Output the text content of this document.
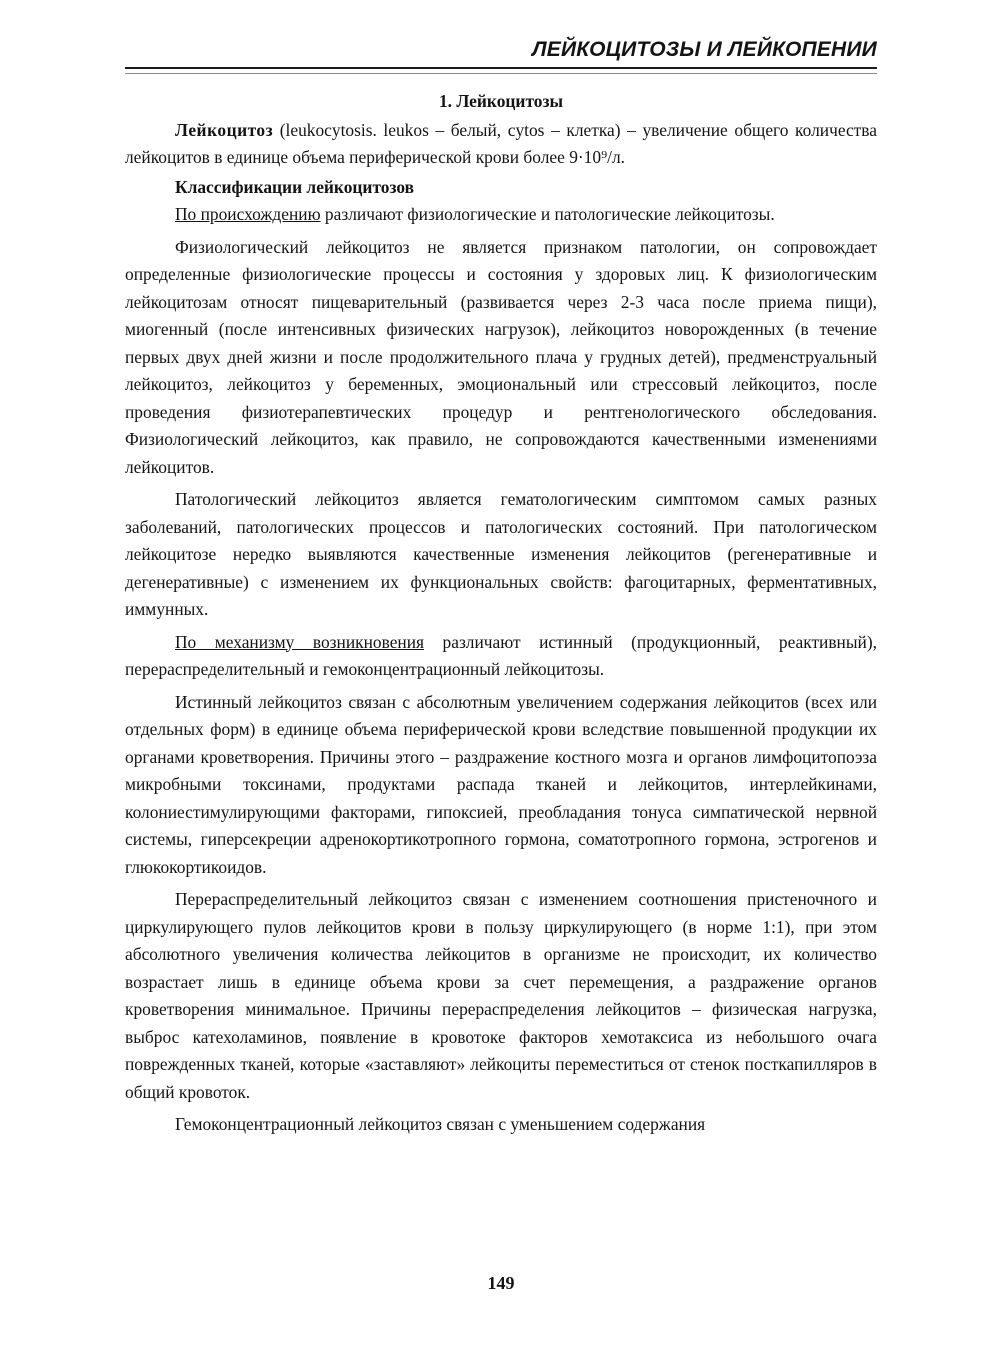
ЛЕЙКОЦИТОЗЫ И ЛЕЙКОПЕНИИ

1. Лейкоцитозы

Лейкоцитоз (leukocytosis. leukos – белый, cytos – клетка) – увеличение общего количества лейкоцитов в единице объема периферической крови более 9·10⁹/л.

Классификации лейкоцитозов

По происхождению различают физиологические и патологические лейкоцитозы.

Физиологический лейкоцитоз не является признаком патологии, он сопровождает определенные физиологические процессы и состояния у здоровых лиц. К физиологическим лейкоцитозам относят пищеварительный (развивается через 2-3 часа после приема пищи), миогенный (после интенсивных физических нагрузок), лейкоцитоз новорожденных (в течение первых двух дней жизни и после продолжительного плача у грудных детей), предменструальный лейкоцитоз, лейкоцитоз у беременных, эмоциональный или стрессовый лейкоцитоз, после проведения физиотерапевтических процедур и рентгенологического обследования. Физиологический лейкоцитоз, как правило, не сопровождаются качественными изменениями лейкоцитов.

Патологический лейкоцитоз является гематологическим симптомом самых разных заболеваний, патологических процессов и патологических состояний. При патологическом лейкоцитозе нередко выявляются качественные изменения лейкоцитов (регенеративные и дегенеративные) с изменением их функциональных свойств: фагоцитарных, ферментативных, иммунных.

По механизму возникновения различают истинный (продукционный, реактивный), перераспределительный и гемоконцентрационный лейкоцитозы.

Истинный лейкоцитоз связан с абсолютным увеличением содержания лейкоцитов (всех или отдельных форм) в единице объема периферической крови вследствие повышенной продукции их органами кроветворения. Причины этого – раздражение костного мозга и органов лимфоцитопоэза микробными токсинами, продуктами распада тканей и лейкоцитов, интерлейкинами, колониестимулирующими факторами, гипоксией, преобладания тонуса симпатической нервной системы, гиперсекреции адренокортикотропного гормона, соматотропного гормона, эстрогенов и глюкокортикоидов.

Перераспределительный лейкоцитоз связан с изменением соотношения пристеночного и циркулирующего пулов лейкоцитов крови в пользу циркулирующего (в норме 1:1), при этом абсолютного увеличения количества лейкоцитов в организме не происходит, их количество возрастает лишь в единице объема крови за счет перемещения, а раздражение органов кроветворения минимальное. Причины перераспределения лейкоцитов – физическая нагрузка, выброс катехоламинов, появление в кровотоке факторов хемотаксиса из небольшого очага поврежденных тканей, которые «заставляют» лейкоциты переместиться от стенок посткапилляров в общий кровоток.

Гемоконцентрационный лейкоцитоз связан с уменьшением содержания

149
